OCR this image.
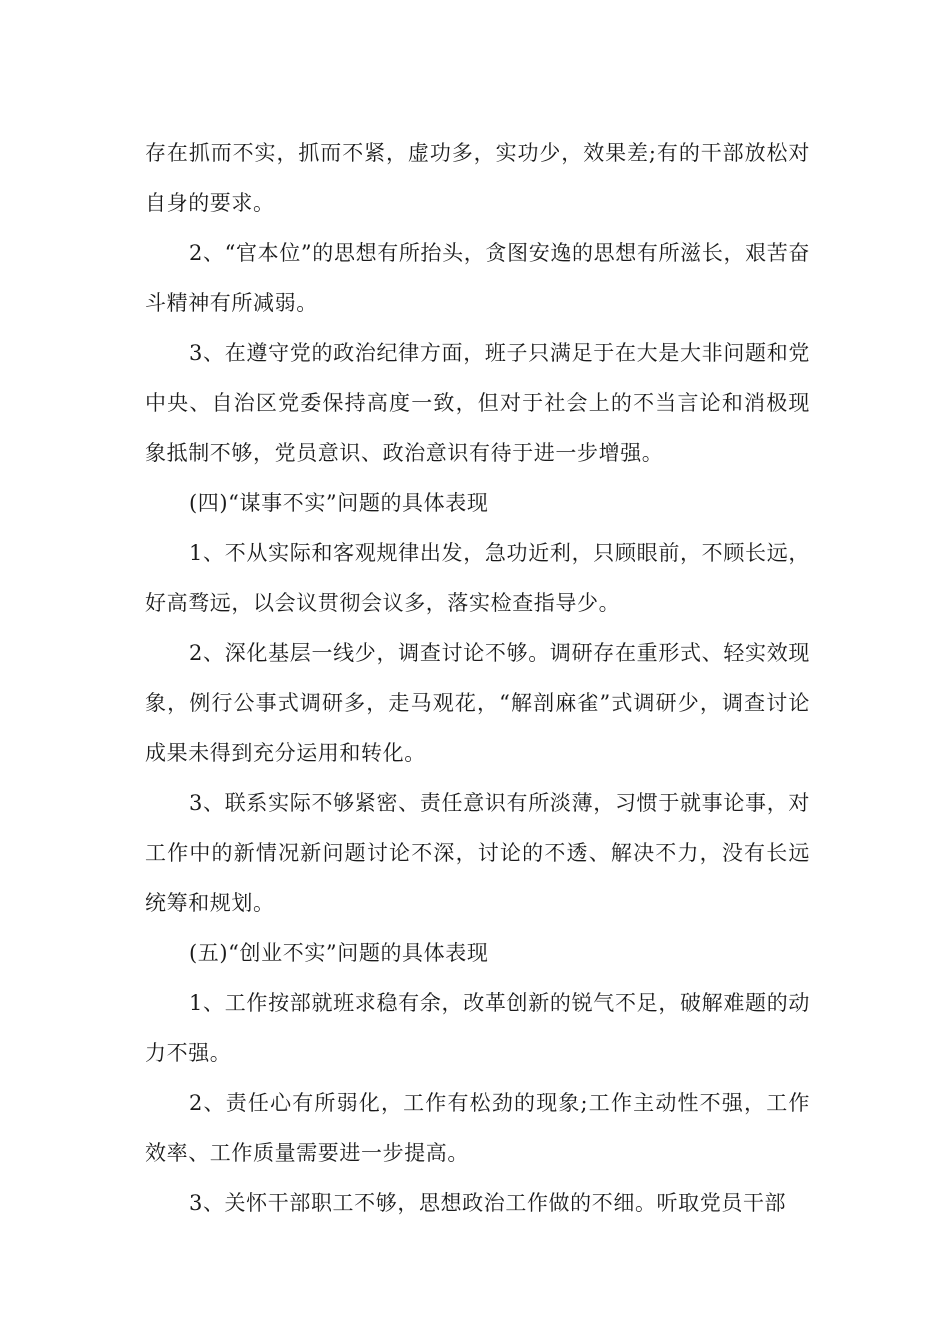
存在抓而不实，抓而不紧，虚功多，实功少，效果差;有的干部放松对自身的要求。

2、“官本位”的思想有所抬头，贪图安逸的思想有所滋长，艰苦奋斗精神有所减弱。

3、在遵守党的政治纪律方面，班子只满足于在大是大非问题和党中央、自治区党委保持高度一致，但对于社会上的不当言论和消极现象抵制不够，党员意识、政治意识有待于进一步增强。

(四)“谋事不实”问题的具体表现

1、不从实际和客观规律出发，急功近利，只顾眼前，不顾长远，好高骛远，以会议贯彻会议多，落实检查指导少。

2、深化基层一线少，调查讨论不够。调研存在重形式、轻实效现象，例行公事式调研多，走马观花，“解剖麻雀”式调研少，调查讨论成果未得到充分运用和转化。

3、联系实际不够紧密、责任意识有所淡薄，习惯于就事论事，对工作中的新情况新问题讨论不深，讨论的不透、解决不力，没有长远统筹和规划。

(五)“创业不实”问题的具体表现

1、工作按部就班求稳有余，改革创新的锐气不足，破解难题的动力不强。

2、责任心有所弱化，工作有松劲的现象;工作主动性不强，工作效率、工作质量需要进一步提高。

3、关怀干部职工不够，思想政治工作做的不细。听取党员干部
